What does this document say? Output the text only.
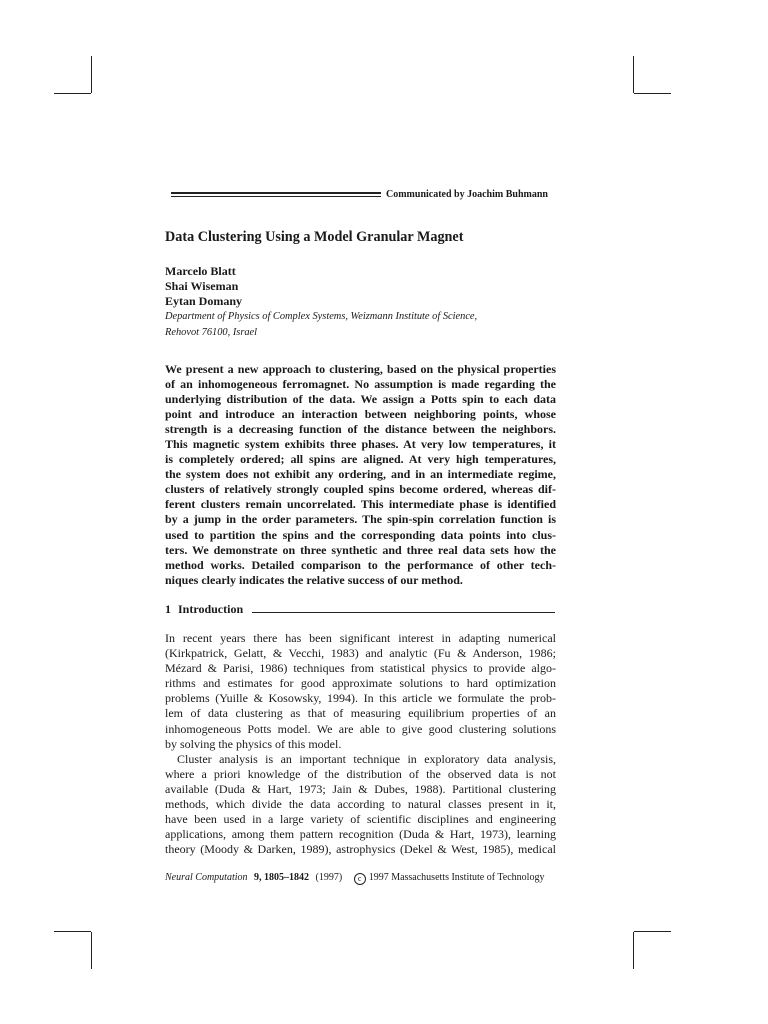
Communicated by Joachim Buhmann
Data Clustering Using a Model Granular Magnet
Marcelo Blatt
Shai Wiseman
Eytan Domany
Department of Physics of Complex Systems, Weizmann Institute of Science,
Rehovot 76100, Israel
We present a new approach to clustering, based on the physical properties
of an inhomogeneous ferromagnet. No assumption is made regarding the
underlying distribution of the data. We assign a Potts spin to each data
point and introduce an interaction between neighboring points, whose
strength is a decreasing function of the distance between the neighbors.
This magnetic system exhibits three phases. At very low temperatures, it
is completely ordered; all spins are aligned. At very high temperatures,
the system does not exhibit any ordering, and in an intermediate regime,
clusters of relatively strongly coupled spins become ordered, whereas dif-
ferent clusters remain uncorrelated. This intermediate phase is identified
by a jump in the order parameters. The spin-spin correlation function is
used to partition the spins and the corresponding data points into clus-
ters. We demonstrate on three synthetic and three real data sets how the
method works. Detailed comparison to the performance of other tech-
niques clearly indicates the relative success of our method.
1 Introduction
In recent years there has been significant interest in adapting numerical
(Kirkpatrick, Gelatt, & Vecchi, 1983) and analytic (Fu & Anderson, 1986;
Mézard & Parisi, 1986) techniques from statistical physics to provide algo-
rithms and estimates for good approximate solutions to hard optimization
problems (Yuille & Kosowsky, 1994). In this article we formulate the prob-
lem of data clustering as that of measuring equilibrium properties of an
inhomogeneous Potts model. We are able to give good clustering solutions
by solving the physics of this model.
Cluster analysis is an important technique in exploratory data analysis,
where a priori knowledge of the distribution of the observed data is not
available (Duda & Hart, 1973; Jain & Dubes, 1988). Partitional clustering
methods, which divide the data according to natural classes present in it,
have been used in a large variety of scientific disciplines and engineering
applications, among them pattern recognition (Duda & Hart, 1973), learning
theory (Moody & Darken, 1989), astrophysics (Dekel & West, 1985), medical
Neural Computation 9, 1805–1842 (1997) c 1997 Massachusetts Institute of Technology
